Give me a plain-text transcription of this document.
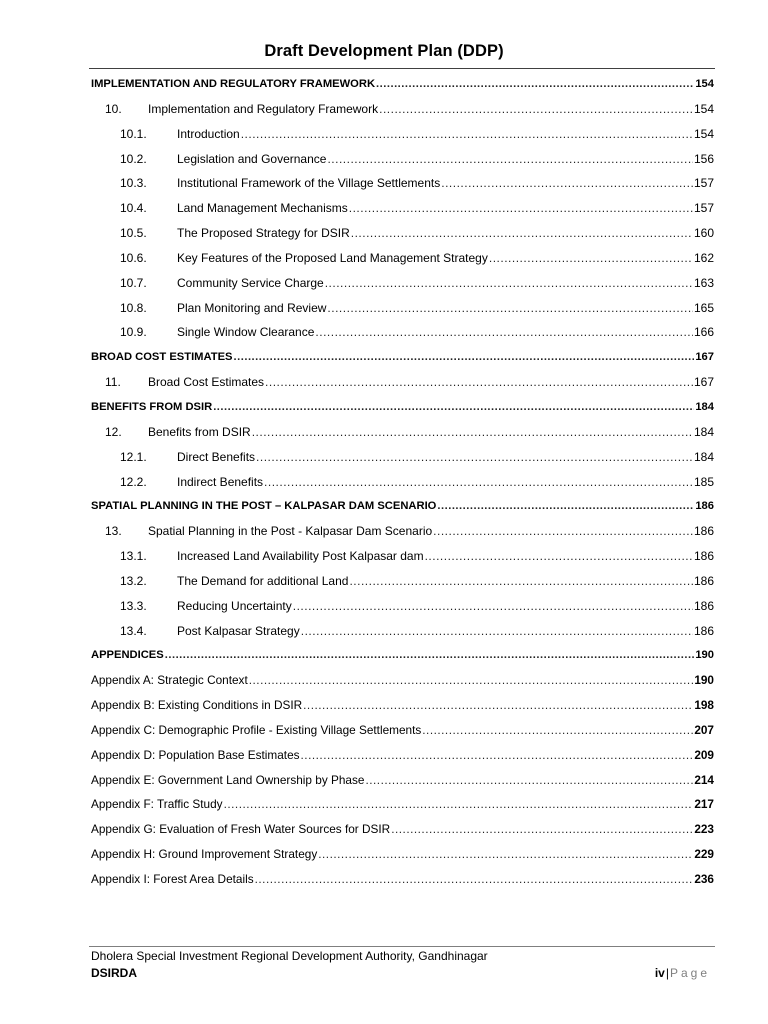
Draft Development Plan (DDP)
IMPLEMENTATION AND REGULATORY FRAMEWORK .....	154
10.	Implementation and Regulatory Framework .....	154
10.1.	Introduction .....	154
10.2.	Legislation and Governance .....	156
10.3.	Institutional Framework of the Village Settlements .....	157
10.4.	Land Management Mechanisms .....	157
10.5.	The Proposed Strategy for DSIR .....	160
10.6.	Key Features of the Proposed Land Management Strategy .....	162
10.7.	Community Service Charge .....	163
10.8.	Plan Monitoring and Review .....	165
10.9.	Single Window Clearance .....	166
BROAD COST ESTIMATES .....	167
11.	Broad Cost Estimates .....	167
BENEFITS FROM DSIR .....	184
12.	Benefits from DSIR .....	184
12.1.	Direct Benefits .....	184
12.2.	Indirect Benefits .....	185
SPATIAL PLANNING IN THE POST – KALPASAR DAM SCENARIO .....	186
13.	Spatial Planning in the Post - Kalpasar Dam Scenario .....	186
13.1.	Increased Land Availability Post Kalpasar dam .....	186
13.2.	The Demand for additional Land .....	186
13.3.	Reducing Uncertainty .....	186
13.4.	Post Kalpasar Strategy .....	186
APPENDICES .....	190
Appendix A: Strategic Context .....	190
Appendix B: Existing Conditions in DSIR .....	198
Appendix C: Demographic Profile - Existing Village Settlements .....	207
Appendix D: Population Base Estimates .....	209
Appendix E: Government Land Ownership by Phase .....	214
Appendix F: Traffic Study .....	217
Appendix G: Evaluation of Fresh Water Sources for DSIR .....	223
Appendix H: Ground Improvement Strategy .....	229
Appendix I: Forest Area Details .....	236
Dholera Special Investment Regional Development Authority, Gandhinagar
DSIRDA	iv|Page
